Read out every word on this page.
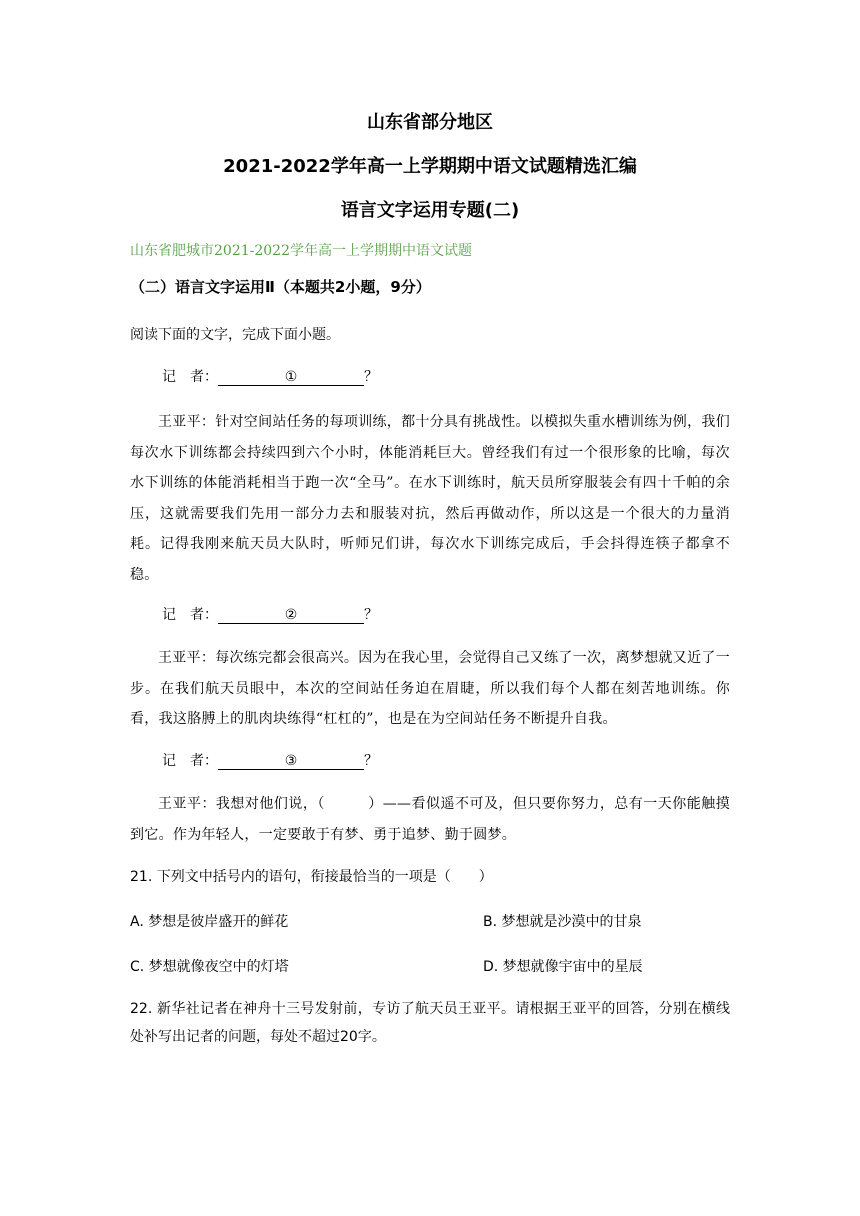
山东省部分地区
2021-2022学年高一上学期期中语文试题精选汇编
语言文字运用专题(二)
山东省肥城市2021-2022学年高一上学期期中语文试题
（二）语言文字运用Ⅱ（本题共2小题，9分）
阅读下面的文字，完成下面小题。
记　者：	①	？
王亚平：针对空间站任务的每项训练，都十分具有挑战性。以模拟失重水槽训练为例，我们每次水下训练都会持续四到六个小时，体能消耗巨大。曾经我们有过一个很形象的比喻，每次水下训练的体能消耗相当于跑一次“全马”。在水下训练时，航天员所穿服装会有四十千帕的余压，这就需要我们先用一部分力去和服装对抗，然后再做动作，所以这是一个很大的力量消耗。记得我刚来航天员大队时，听师兄们讲，每次水下训练完成后，手会抖得连筷子都拿不稳。
记　者：	②	？
王亚平：每次练完都会很高兴。因为在我心里，会觉得自己又练了一次，离梦想就又近了一步。在我们航天员眼中，本次的空间站任务迫在眉睫，所以我们每个人都在刻苦地训练。你看，我这胳膊上的肌肉块练得“杠杠的”，也是在为空间站任务不断提升自我。
记　者：	③	？
王亚平：我想对他们说，（　　　）——看似遥不可及，但只要你努力，总有一天你能触摸到它。作为年轻人，一定要敢于有梦、勇于追梦、勤于圆梦。
21. 下列文中括号内的语句，衔接最恰当的一项是（　　）
A. 梦想是彼岸盛开的鲜花	B. 梦想就是沙漠中的甘泉
C. 梦想就像夜空中的灯塔	D. 梦想就像宇宙中的星辰
22. 新华社记者在神舟十三号发射前，专访了航天员王亚平。请根据王亚平的回答，分别在横线处补写出记者的问题，每处不超过20字。
